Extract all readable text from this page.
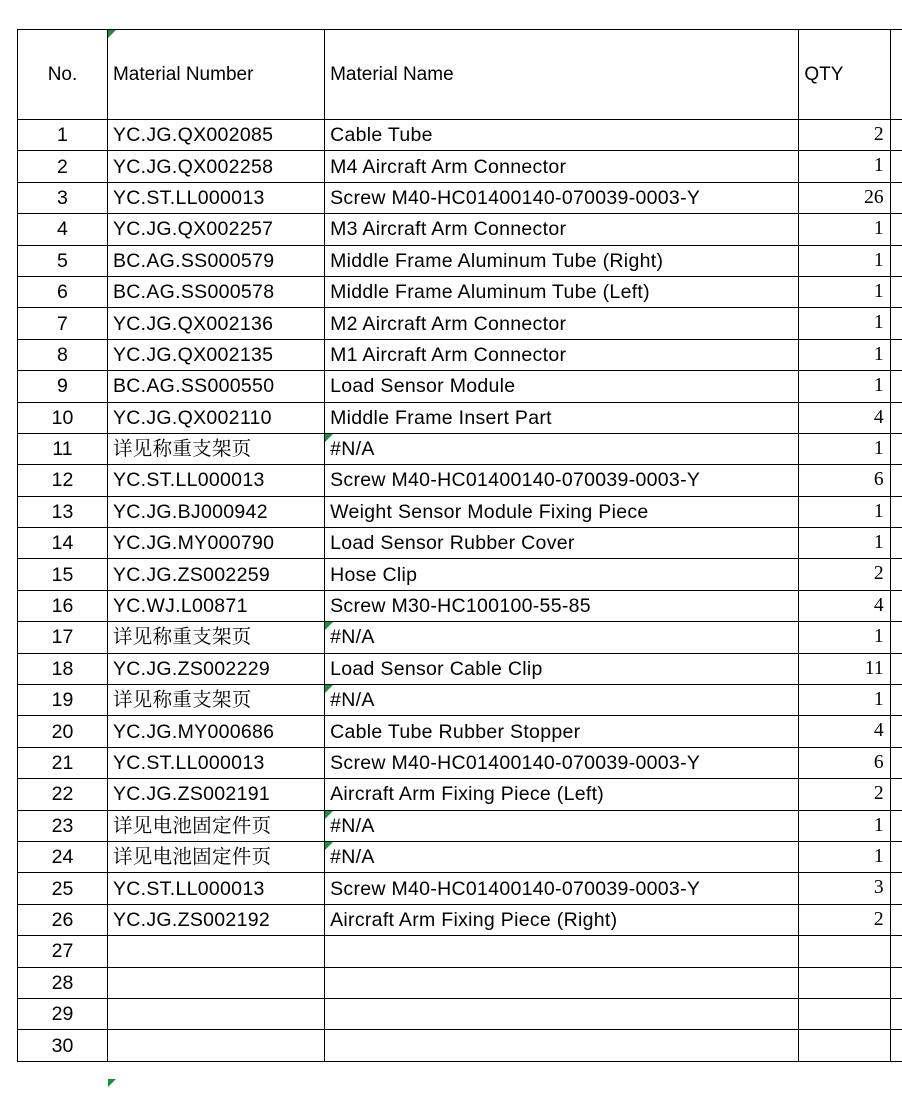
No.	Material Number	Material Name	QTY	
1	YC.JG.QX002085	Cable Tube	2	
2	YC.JG.QX002258	M4 Aircraft Arm Connector	1	
3	YC.ST.LL000013	Screw M40-HC01400140-070039-0003-Y	26	
4	YC.JG.QX002257	M3 Aircraft Arm Connector	1	
5	BC.AG.SS000579	Middle Frame Aluminum Tube (Right)	1	
6	BC.AG.SS000578	Middle Frame Aluminum Tube (Left)	1	
7	YC.JG.QX002136	M2 Aircraft Arm Connector	1	
8	YC.JG.QX002135	M1 Aircraft Arm Connector	1	
9	BC.AG.SS000550	Load Sensor Module	1	
10	YC.JG.QX002110	Middle Frame Insert Part	4	
11	详见称重支架页	#N/A	1	
12	YC.ST.LL000013	Screw M40-HC01400140-070039-0003-Y	6	
13	YC.JG.BJ000942	Weight Sensor Module Fixing Piece	1	
14	YC.JG.MY000790	Load Sensor Rubber Cover	1	
15	YC.JG.ZS002259	Hose Clip	2	
16	YC.WJ.L00871	Screw M30-HC100100-55-85	4	
17	详见称重支架页	#N/A	1	
18	YC.JG.ZS002229	Load Sensor Cable Clip	11	
19	详见称重支架页	#N/A	1	
20	YC.JG.MY000686	Cable Tube Rubber Stopper	4	
21	YC.ST.LL000013	Screw M40-HC01400140-070039-0003-Y	6	
22	YC.JG.ZS002191	Aircraft Arm Fixing Piece (Left)	2	
23	详见电池固定件页	#N/A	1	
24	详见电池固定件页	#N/A	1	
25	YC.ST.LL000013	Screw M40-HC01400140-070039-0003-Y	3	
26	YC.JG.ZS002192	Aircraft Arm Fixing Piece (Right)	2	
27				
28				
29				
30				
